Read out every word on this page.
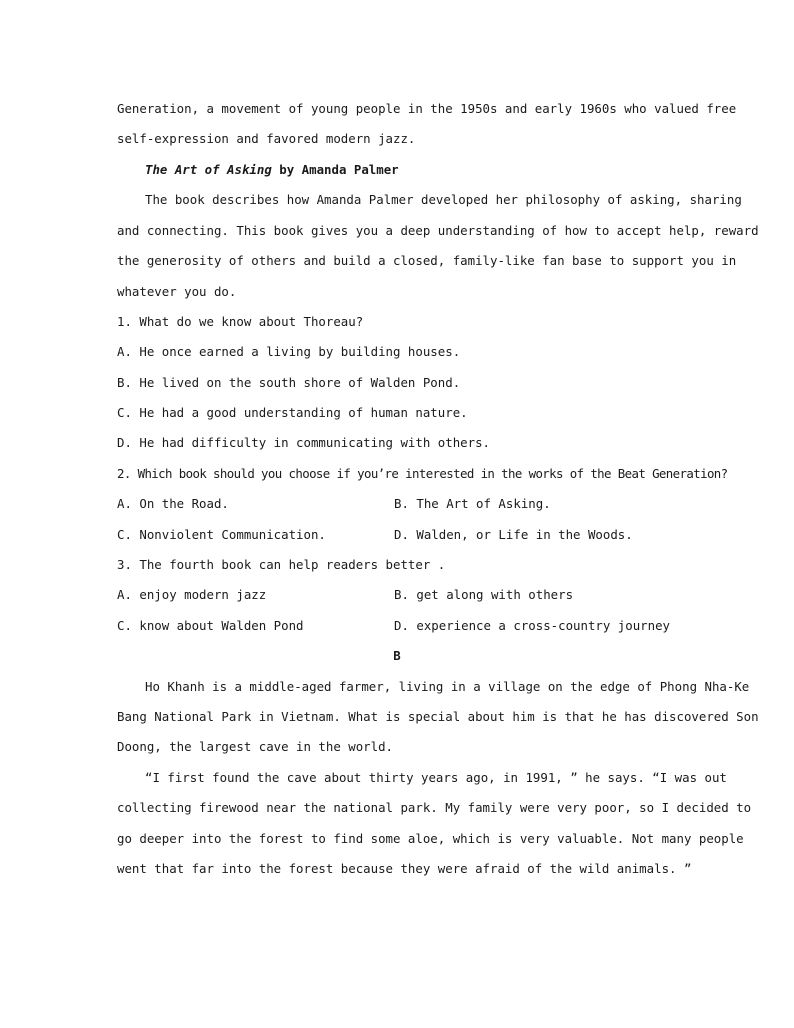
Generation, a movement of young people in the 1950s and early 1960s who valued free
self-expression and favored modern jazz.
The Art of Asking by Amanda Palmer
The book describes how Amanda Palmer developed her philosophy of asking, sharing
and connecting. This book gives you a deep understanding of how to accept help, reward
the generosity of others and build a closed, family-like fan base to support you in
whatever you do.
1. What do we know about Thoreau?
A. He once earned a living by building houses.
B. He lived on the south shore of Walden Pond.
C. He had a good understanding of human nature.
D. He had difficulty in communicating with others.
2. Which book should you choose if you’re interested in the works of the Beat Generation?
A. On the Road.	B. The Art of Asking.
C. Nonviolent Communication.	D. Walden, or Life in the Woods.
3. The fourth book can help readers better .
A. enjoy modern jazz	B. get along with others
C. know about Walden Pond	D. experience a cross-country journey
B
Ho Khanh is a middle-aged farmer, living in a village on the edge of Phong Nha-Ke
Bang National Park in Vietnam. What is special about him is that he has discovered Son
Doong, the largest cave in the world.
“I first found the cave about thirty years ago, in 1991, ” he says. “I was out
collecting firewood near the national park. My family were very poor, so I decided to
go deeper into the forest to find some aloe, which is very valuable. Not many people
went that far into the forest because they were afraid of the wild animals. ”
